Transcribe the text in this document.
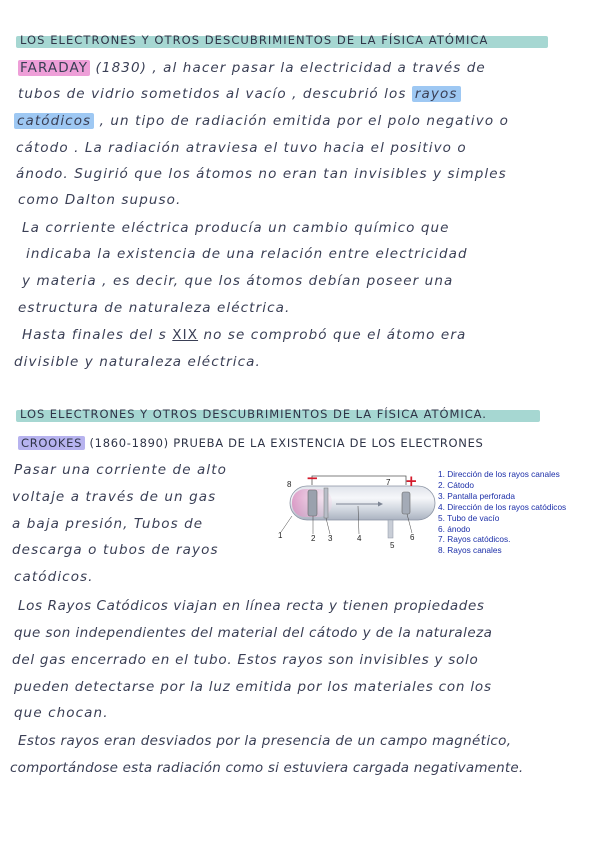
LOS ELECTRONES Y OTROS DESCUBRIMIENTOS DE LA FÍSICA ATÓMICA
FARADAY (1830) , al hacer pasar la electricidad a través de
tubos de vidrio sometidos al vacío , descubrió los rayos
catódicos , un tipo de radiación emitida por el polo negativo o
cátodo . La radiación atraviesa el tuvo hacia el positivo o
ánodo. Sugirió que los átomos no eran tan invisibles y simples
como Dalton supuso.
La corriente eléctrica producía un cambio químico que
indicaba la existencia de una relación entre electricidad
y materia , es decir, que los átomos debían poseer una
estructura de naturaleza eléctrica.
Hasta finales del s XIX no se comprobó que el átomo era
divisible y naturaleza eléctrica.
LOS ELECTRONES Y OTROS DESCUBRIMIENTOS DE LA FÍSICA ATÓMICA.
CROOKES (1860-1890) PRUEBA DE LA EXISTENCIA DE LOS ELECTRONES
Pasar una corriente de alto
voltaje a través de un gas
a baja presión, Tubos de
descarga o tubos de rayos
catódicos.
−	+
8	7
1	2 3	4
5
6
1. Dirección de los rayos canales
2. Cátodo
3. Pantalla perforada
4. Dirección de los rayos catódicos
5. Tubo de vacío
6. ánodo
7. Rayos catódicos.
8. Rayos canales
Los Rayos Catódicos viajan en línea recta y tienen propiedades
que son independientes del material del cátodo y de la naturaleza
del gas encerrado en el tubo. Estos rayos son invisibles y solo
pueden detectarse por la luz emitida por los materiales con los
que chocan.
Estos rayos eran desviados por la presencia de un campo magnético,
comportándose esta radiación como si estuviera cargada negativamente.
